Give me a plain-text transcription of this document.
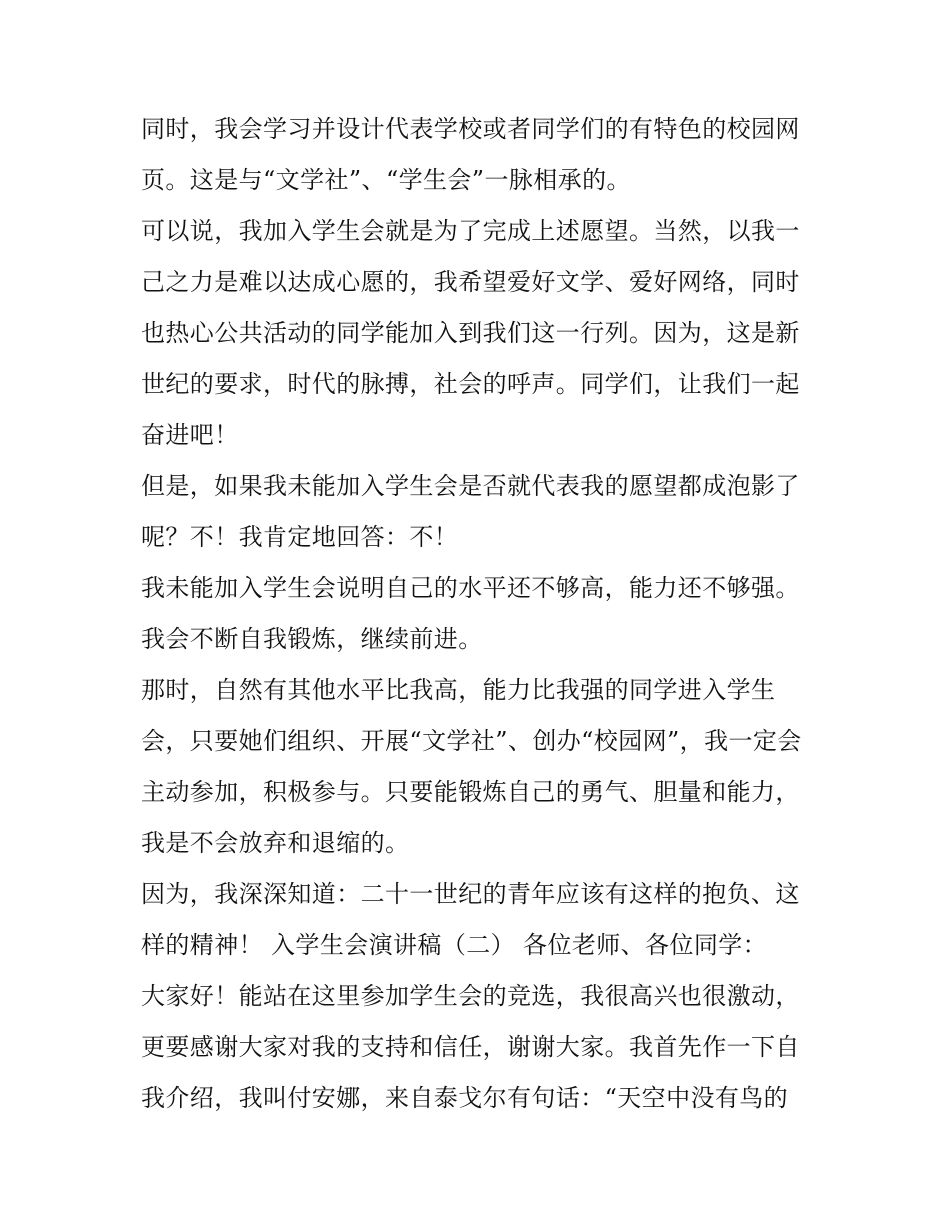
同时，我会学习并设计代表学校或者同学们的有特色的校园网
页。这是与“文学社”、“学生会”一脉相承的。
可以说，我加入学生会就是为了完成上述愿望。当然，以我一
己之力是难以达成心愿的，我希望爱好文学、爱好网络，同时
也热心公共活动的同学能加入到我们这一行列。因为，这是新
世纪的要求，时代的脉搏，社会的呼声。同学们，让我们一起
奋进吧！
但是，如果我未能加入学生会是否就代表我的愿望都成泡影了
呢？不！我肯定地回答：不！
我未能加入学生会说明自己的水平还不够高，能力还不够强。
我会不断自我锻炼，继续前进。
那时，自然有其他水平比我高，能力比我强的同学进入学生
会，只要她们组织、开展“文学社”、创办“校园网”，我一定会
主动参加，积极参与。只要能锻炼自己的勇气、胆量和能力，
我是不会放弃和退缩的。
因为，我深深知道：二十一世纪的青年应该有这样的抱负、这
样的精神！ 入学生会演讲稿（二） 各位老师、各位同学：
大家好！能站在这里参加学生会的竞选，我很高兴也很激动，
更要感谢大家对我的支持和信任，谢谢大家。我首先作一下自
我介绍，我叫付安娜，来自泰戈尔有句话：“天空中没有鸟的
